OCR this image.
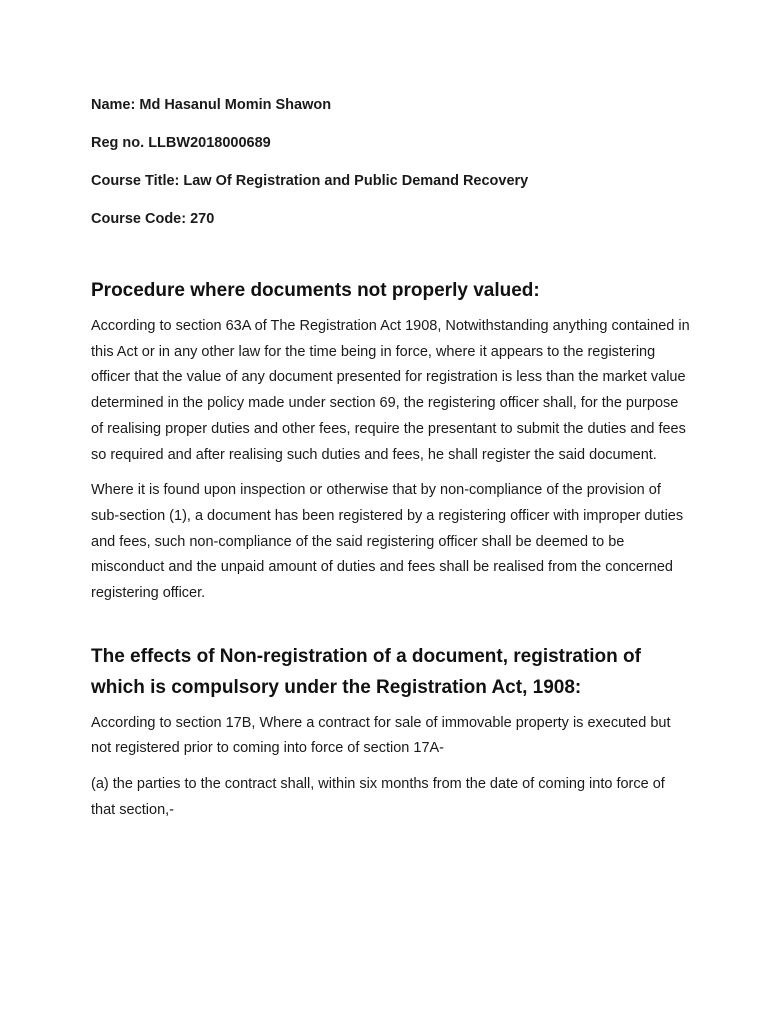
Name: Md Hasanul Momin Shawon
Reg no. LLBW2018000689
Course Title: Law Of Registration and Public Demand Recovery
Course Code: 270
Procedure where documents not properly valued:

According to section 63A of The Registration Act 1908, Notwithstanding anything contained in this Act or in any other law for the time being in force, where it appears to the registering officer that the value of any document presented for registration is less than the market value determined in the policy made under section 69, the registering officer shall, for the purpose of realising proper duties and other fees, require the presentant to submit the duties and fees so required and after realising such duties and fees, he shall register the said document.

Where it is found upon inspection or otherwise that by non-compliance of the provision of sub-section (1), a document has been registered by a registering officer with improper duties and fees, such non-compliance of the said registering officer shall be deemed to be misconduct and the unpaid amount of duties and fees shall be realised from the concerned registering officer.

The effects of Non-registration of a document, registration of which is compulsory under the Registration Act, 1908:

According to section 17B, Where a contract for sale of immovable property is executed but not registered prior to coming into force of section 17A-

(a) the parties to the contract shall, within six months from the date of coming into force of that section,-
